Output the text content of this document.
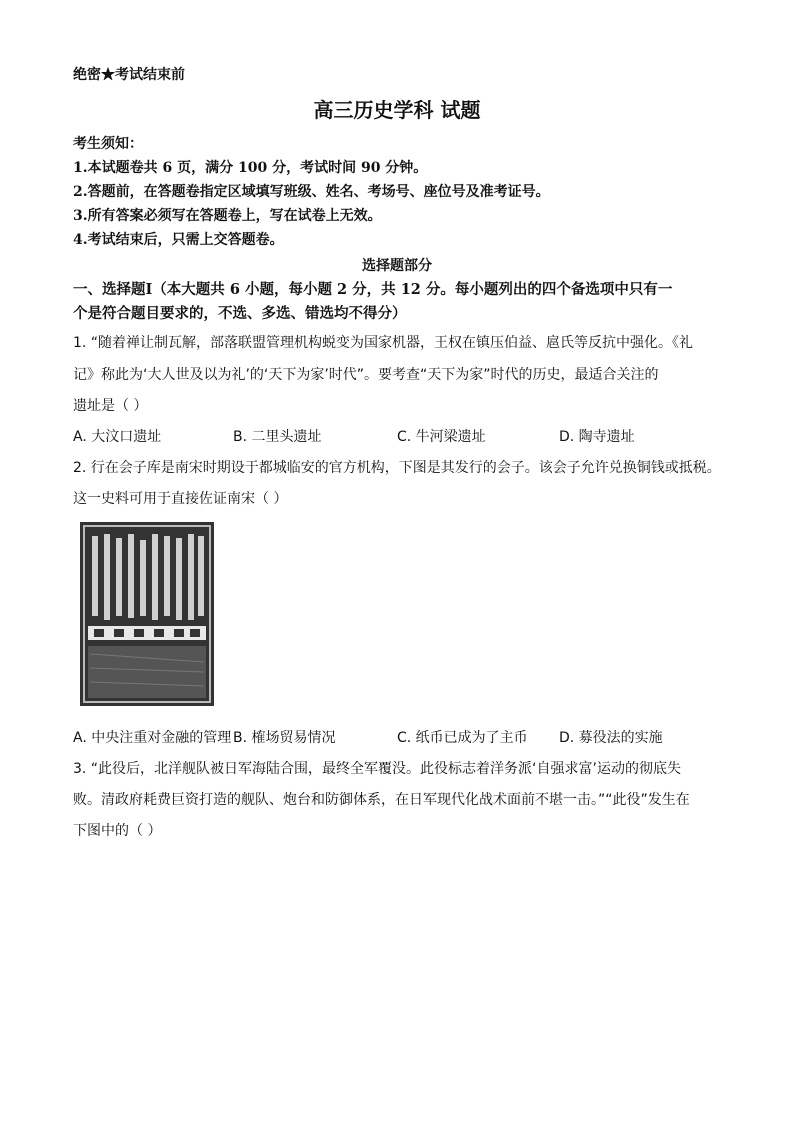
绝密★考试结束前
高三历史学科 试题
考生须知：
1.本试题卷共 6 页，满分 100 分，考试时间 90 分钟。
2.答题前，在答题卷指定区域填写班级、姓名、考场号、座位号及准考证号。
3.所有答案必须写在答题卷上，写在试卷上无效。
4.考试结束后，只需上交答题卷。
选择题部分
一、选择题Ⅰ（本大题共 6 小题，每小题 2 分，共 12 分。每小题列出的四个备选项中只有一
个是符合题目要求的，不选、多选、错选均不得分）
1. “随着禅让制瓦解，部落联盟管理机构蜕变为国家机器，王权在镇压伯益、扈氏等反抗中强化。《礼
记》称此为‘大人世及以为礼’的‘天下为家’时代”。要考查“天下为家”时代的历史，最适合关注的
遗址是（ ）
A. 大汶口遗址	B. 二里头遗址	C. 牛河梁遗址	D. 陶寺遗址
2. 行在会子库是南宋时期设于都城临安的官方机构，下图是其发行的会子。该会子允许兑换铜钱或抵税。
这一史料可用于直接佐证南宋（ ）
A. 中央注重对金融的管理 B. 榷场贸易情况	C. 纸币已成为了主币 D. 募役法的实施
3. “此役后，北洋舰队被日军海陆合围，最终全军覆没。此役标志着洋务派‘自强求富’运动的彻底失
败。清政府耗费巨资打造的舰队、炮台和防御体系，在日军现代化战术面前不堪一击。”“此役”发生在
下图中的（ ）
